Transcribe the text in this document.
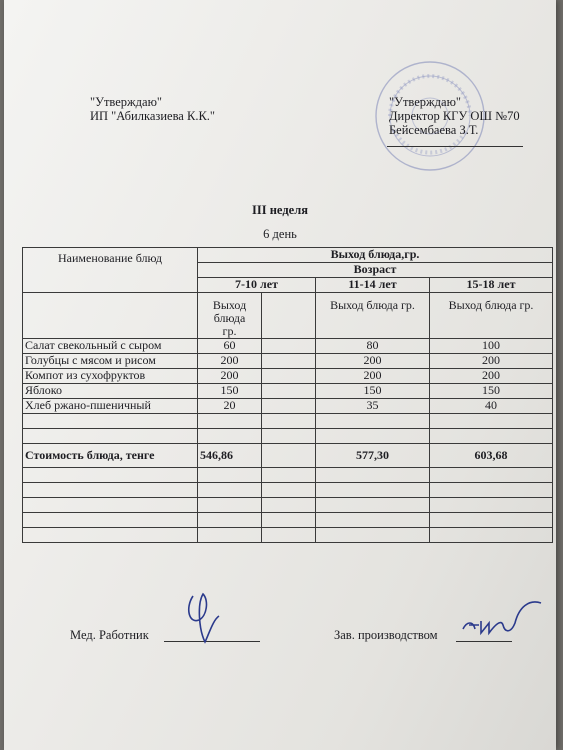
"Утверждаю"
ИП "Абилказиева К.К."
"Утверждаю"
Директор КГУ ОШ №70
Бейсембаева З.Т.
III неделя
6 день
Наименование блюд	Выход блюда,гр.			
	Возраст			
	7-10 лет		11-14 лет	15-18 лет
	Выход блюда гр.		Выход блюда гр.	Выход блюда гр.
Салат свекольный с сыром	60		80	100
Голубцы с мясом и рисом	200		200	200
Компот из сухофруктов	200		200	200
Яблоко	150		150	150
Хлеб ржано-пшеничный	20		35	40

Стоимость блюда, тенге	546,86		577,30	603,68

Мед. Работник	Зав. производством
